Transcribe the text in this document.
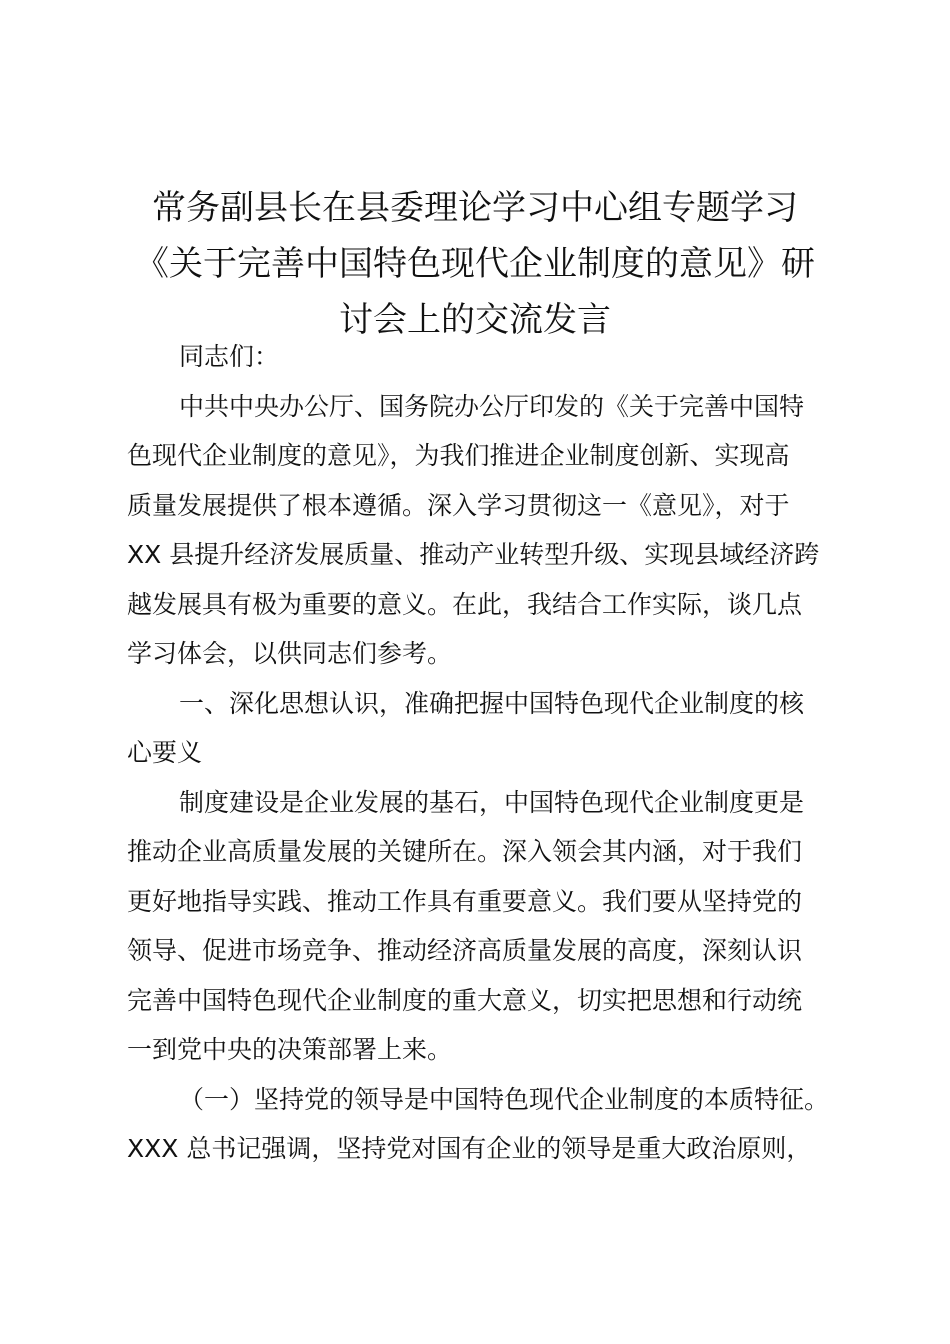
常务副县长在县委理论学习中心组专题学习
《关于完善中国特色现代企业制度的意见》研
讨会上的交流发言
同志们：
中共中央办公厅、国务院办公厅印发的《关于完善中国特
色现代企业制度的意见》，为我们推进企业制度创新、实现高
质量发展提供了根本遵循。深入学习贯彻这一《意见》，对于
XX 县提升经济发展质量、推动产业转型升级、实现县域经济跨
越发展具有极为重要的意义。在此，我结合工作实际，谈几点
学习体会，以供同志们参考。
一、深化思想认识，准确把握中国特色现代企业制度的核
心要义
制度建设是企业发展的基石，中国特色现代企业制度更是
推动企业高质量发展的关键所在。深入领会其内涵，对于我们
更好地指导实践、推动工作具有重要意义。我们要从坚持党的
领导、促进市场竞争、推动经济高质量发展的高度，深刻认识
完善中国特色现代企业制度的重大意义，切实把思想和行动统
一到党中央的决策部署上来。
（一）坚持党的领导是中国特色现代企业制度的本质特征。
XXX 总书记强调，坚持党对国有企业的领导是重大政治原则，
